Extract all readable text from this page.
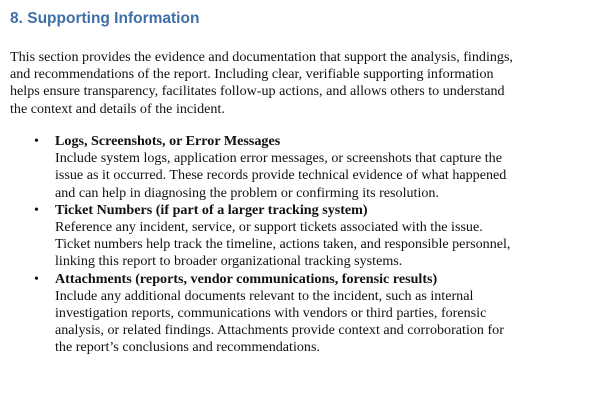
8. Supporting Information

This section provides the evidence and documentation that support the analysis, findings,
and recommendations of the report. Including clear, verifiable supporting information
helps ensure transparency, facilitates follow-up actions, and allows others to understand
the context and details of the incident.

• Logs, Screenshots, or Error Messages
Include system logs, application error messages, or screenshots that capture the
issue as it occurred. These records provide technical evidence of what happened
and can help in diagnosing the problem or confirming its resolution.
• Ticket Numbers (if part of a larger tracking system)
Reference any incident, service, or support tickets associated with the issue.
Ticket numbers help track the timeline, actions taken, and responsible personnel,
linking this report to broader organizational tracking systems.
• Attachments (reports, vendor communications, forensic results)
Include any additional documents relevant to the incident, such as internal
investigation reports, communications with vendors or third parties, forensic
analysis, or related findings. Attachments provide context and corroboration for
the report’s conclusions and recommendations.
